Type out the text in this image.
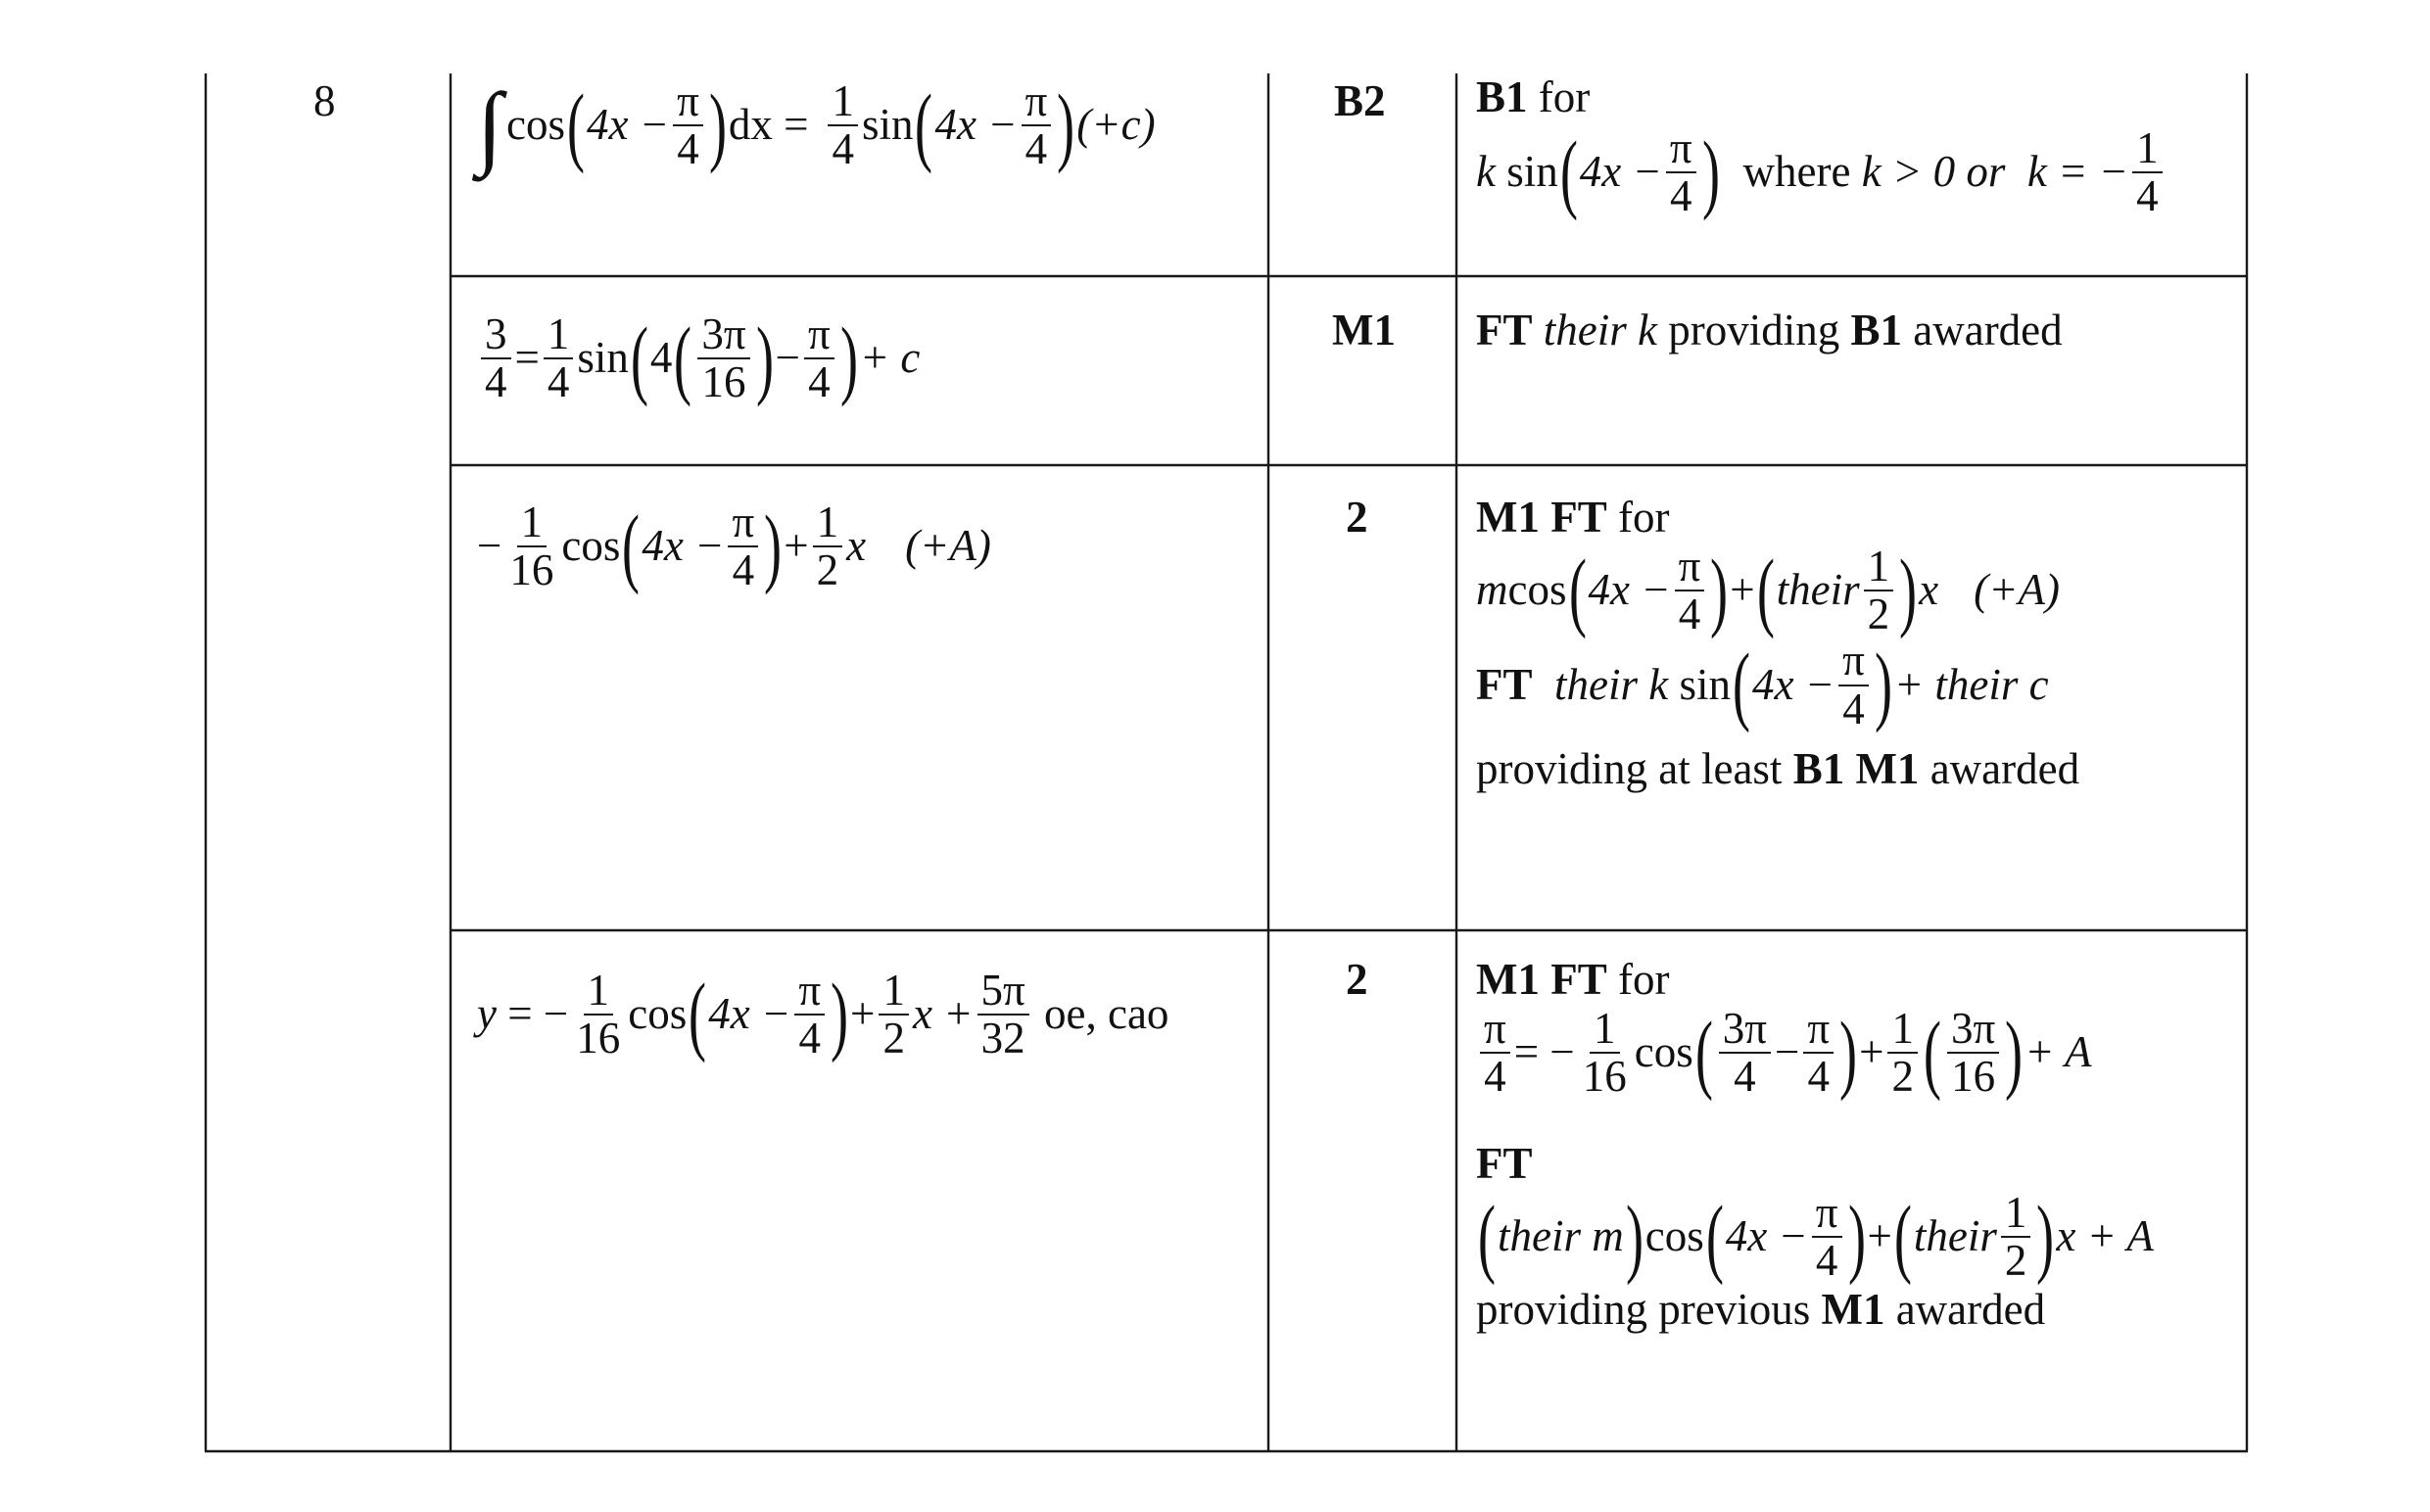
8 ∫ cos ( $4x - \frac{\pi}{4}$ ) dx = $\frac{1}{4}$ sin ( $4x - \frac{\pi}{4}$ ) (+c)	B2 B1 for
k
sin ( $4x - \frac{\pi}{4}$ ) where
k > 0 or
k = − $\frac{1}{4}$
$\frac{3}{4} = \frac{1}{4}$ sin ( 4 ( $\frac{3\pi}{16}$ ) − $\frac{\pi}{4}$ ) + c
M1 FT their k providing B1 awarded
− $\frac{1}{16}$ cos ( $4x - \frac{\pi}{4}$ ) + $\frac{1}{2}$ x (+A)
2 M1 FT for
m cos ( $4x - \frac{\pi}{4}$ ) + ( their $\frac{1}{2}$ ) x (+A)
FT
their k
sin ( $4x - \frac{\pi}{4}$ ) + their c
providing at least B1 M1 awarded
y
= − $\frac{1}{16}$ cos ( $4x - \frac{\pi}{4}$ ) + $\frac{1}{2}$ $x + \frac{5\pi}{32}$
oe, cao
2 M1 FT for
$\frac{\pi}{4}$ = − $\frac{1}{16}$ cos ( $\frac{3\pi}{4} - \frac{\pi}{4}$ ) + $\frac{1}{2}$ ( $\frac{3\pi}{16}$ ) + A
FT
( their m ) cos ( $4x - \frac{\pi}{4}$ ) + ( their $\frac{1}{2}$ ) x + A
providing previous M1 awarded
